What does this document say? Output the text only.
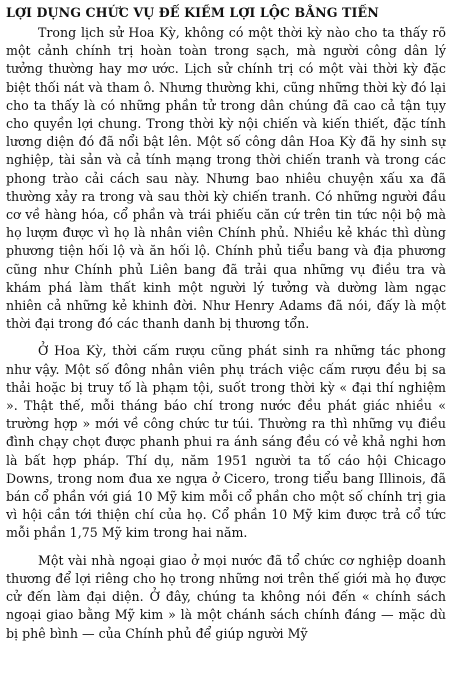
LỢI DỤNG CHỨC VỤ ĐỂ KIẾM LỢI LỘC BẰNG TIỀN

Trong lịch sử Hoa Kỳ, không có một thời kỳ nào cho ta thấy rõ một cảnh chính trị hoàn toàn trong sạch, mà người công dân lý tưởng thường hay mơ ước. Lịch sử chính trị có một vài thời kỳ đặc biệt thối nát và tham ô. Nhưng thường khi, cũng những thời kỳ đó lại cho ta thấy là có những phần tử trong dân chúng đã cao cả tận tụy cho quyền lợi chung. Trong thời kỳ nội chiến và kiến thiết, đặc tính lương diện đó đã nổi bật lên. Một số công dân Hoa Kỳ đã hy sinh sự nghiệp, tài sản và cả tính mạng trong thời chiến tranh và trong các phong trào cải cách sau này. Nhưng bao nhiêu chuyện xấu xa đã thường xảy ra trong và sau thời kỳ chiến tranh. Có những người đầu cơ về hàng hóa, cổ phần và trái phiếu căn cứ trên tin tức nội bộ mà họ lượm được vì họ là nhân viên Chính phủ. Nhiều kẻ khác thì dùng phương tiện hối lộ và ăn hối lộ. Chính phủ tiểu bang và địa phương cũng như Chính phủ Liên bang đã trải qua những vụ điều tra và khám phá làm thất kinh một người lý tưởng và dường làm ngạc nhiên cả những kẻ khinh đời. Như Henry Adams đã nói, đấy là một thời đại trong đó các thanh danh bị thương tổn.

Ở Hoa Kỳ, thời cấm rượu cũng phát sinh ra những tác phong như vậy. Một số đông nhân viên phụ trách việc cấm rượu đều bị sa thải hoặc bị truy tố là phạm tội, suốt trong thời kỳ « đại thí nghiệm ». Thật thế, mỗi tháng báo chí trong nước đều phát giác nhiều « trường hợp » mới về công chức tư túi. Thường ra thì những vụ điều đình chạy chọt được phanh phui ra ánh sáng đều có vẻ khả nghi hơn là bất hợp pháp. Thí dụ, năm 1951 người ta tố cáo hội Chicago Downs, trong nom đua xe ngựa ở Cicero, trong tiểu bang Illinois, đã bán cổ phần với giá 10 Mỹ kim mỗi cổ phần cho một số chính trị gia vì hội cần tới thiện chí của họ. Cổ phần 10 Mỹ kim được trả cổ tức mỗi phần 1,75 Mỹ kim trong hai năm.

Một vài nhà ngoại giao ở mọi nước đã tổ chức cơ nghiệp doanh thương để lợi riêng cho họ trong những nơi trên thế giới mà họ được cử đến làm đại diện. Ở đây, chúng ta không nói đến « chính sách ngoại giao bằng Mỹ kim » là một chánh sách chính đáng — mặc dù bị phê bình — của Chính phủ để giúp người Mỹ
